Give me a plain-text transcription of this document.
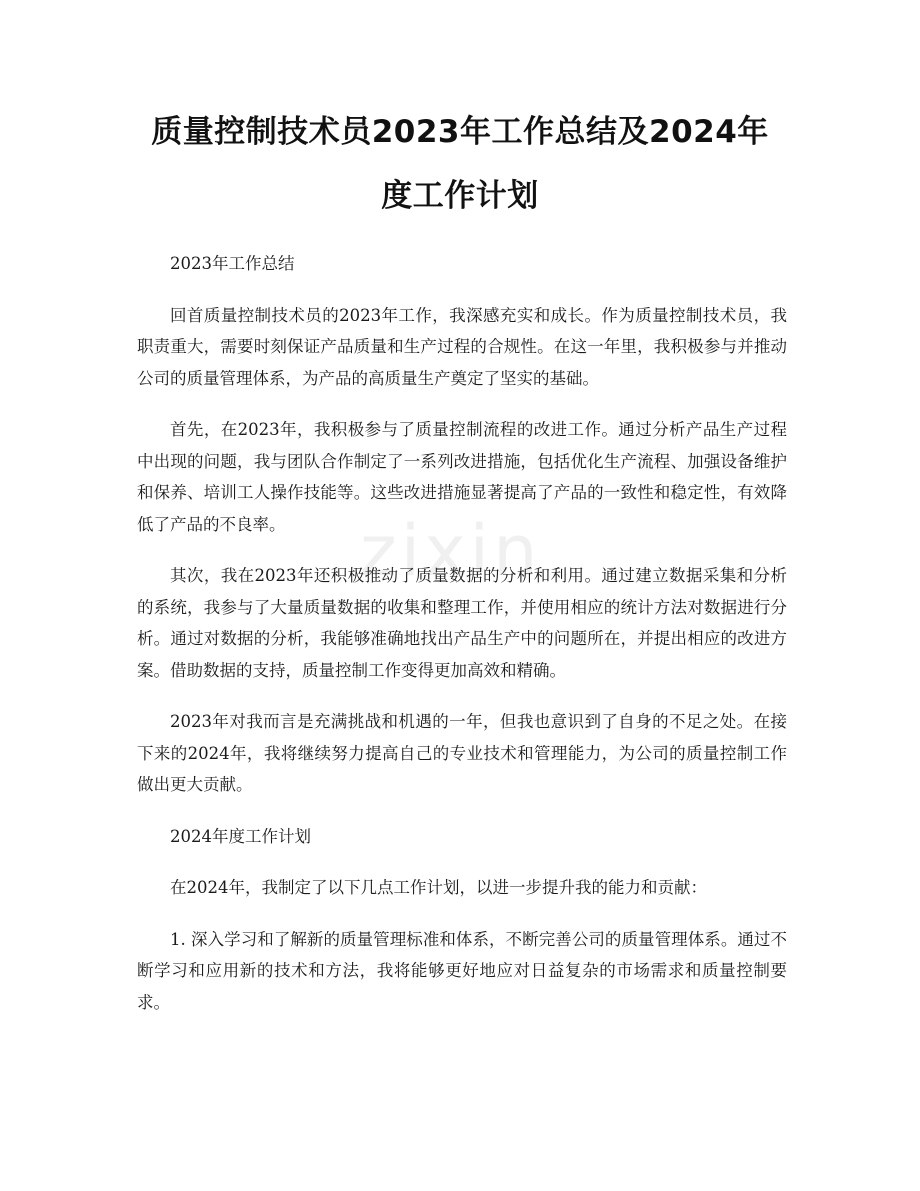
质量控制技术员2023年工作总结及2024年
度工作计划
zixin

2023年工作总结

回首质量控制技术员的2023年工作，我深感充实和成长。作为质量控制技术员，我职责重大，需要时刻保证产品质量和生产过程的合规性。在这一年里，我积极参与并推动公司的质量管理体系，为产品的高质量生产奠定了坚实的基础。

首先，在2023年，我积极参与了质量控制流程的改进工作。通过分析产品生产过程中出现的问题，我与团队合作制定了一系列改进措施，包括优化生产流程、加强设备维护和保养、培训工人操作技能等。这些改进措施显著提高了产品的一致性和稳定性，有效降低了产品的不良率。

其次，我在2023年还积极推动了质量数据的分析和利用。通过建立数据采集和分析的系统，我参与了大量质量数据的收集和整理工作，并使用相应的统计方法对数据进行分析。通过对数据的分析，我能够准确地找出产品生产中的问题所在，并提出相应的改进方案。借助数据的支持，质量控制工作变得更加高效和精确。

2023年对我而言是充满挑战和机遇的一年，但我也意识到了自身的不足之处。在接下来的2024年，我将继续努力提高自己的专业技术和管理能力，为公司的质量控制工作做出更大贡献。

2024年度工作计划

在2024年，我制定了以下几点工作计划，以进一步提升我的能力和贡献：

1. 深入学习和了解新的质量管理标准和体系，不断完善公司的质量管理体系。通过不断学习和应用新的技术和方法，我将能够更好地应对日益复杂的市场需求和质量控制要求。
